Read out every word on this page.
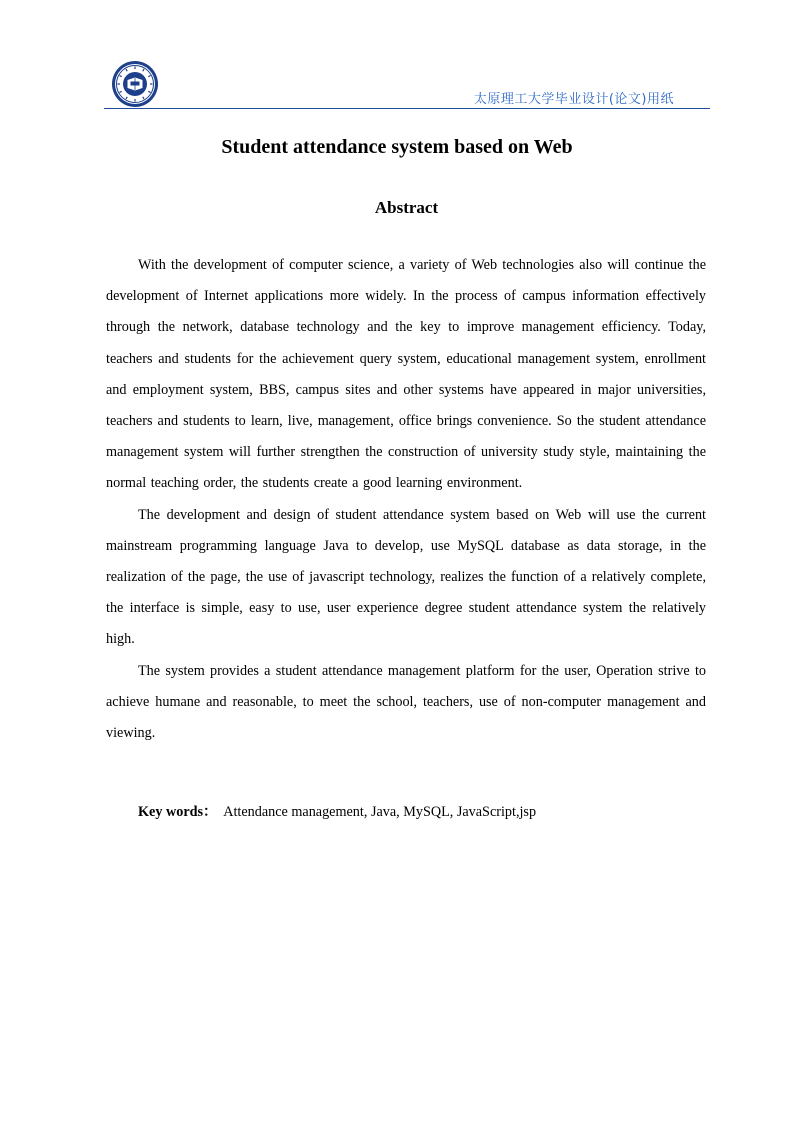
太原理工大学毕业设计(论文)用纸
Student attendance system based on Web
Abstract

With the development of computer science, a variety of Web technologies also will continue the development of Internet applications more widely. In the process of campus information effectively through the network, database technology and the key to improve management efficiency. Today, teachers and students for the achievement query system, educational management system, enrollment and employment system, BBS, campus sites and other systems have appeared in major universities, teachers and students to learn, live, management, office brings convenience. So the student attendance management system will further strengthen the construction of university study style, maintaining the normal teaching order, the students create a good learning environment.

The development and design of student attendance system based on Web will use the current mainstream programming language Java to develop, use MySQL database as data storage, in the realization of the page, the use of javascript technology, realizes the function of a relatively complete, the interface is simple, easy to use, user experience degree student attendance system the relatively high.

The system provides a student attendance management platform for the user, Operation strive to achieve humane and reasonable, to meet the school, teachers, use of non-computer management and viewing.

Key words： Attendance management, Java, MySQL, JavaScript,jsp
